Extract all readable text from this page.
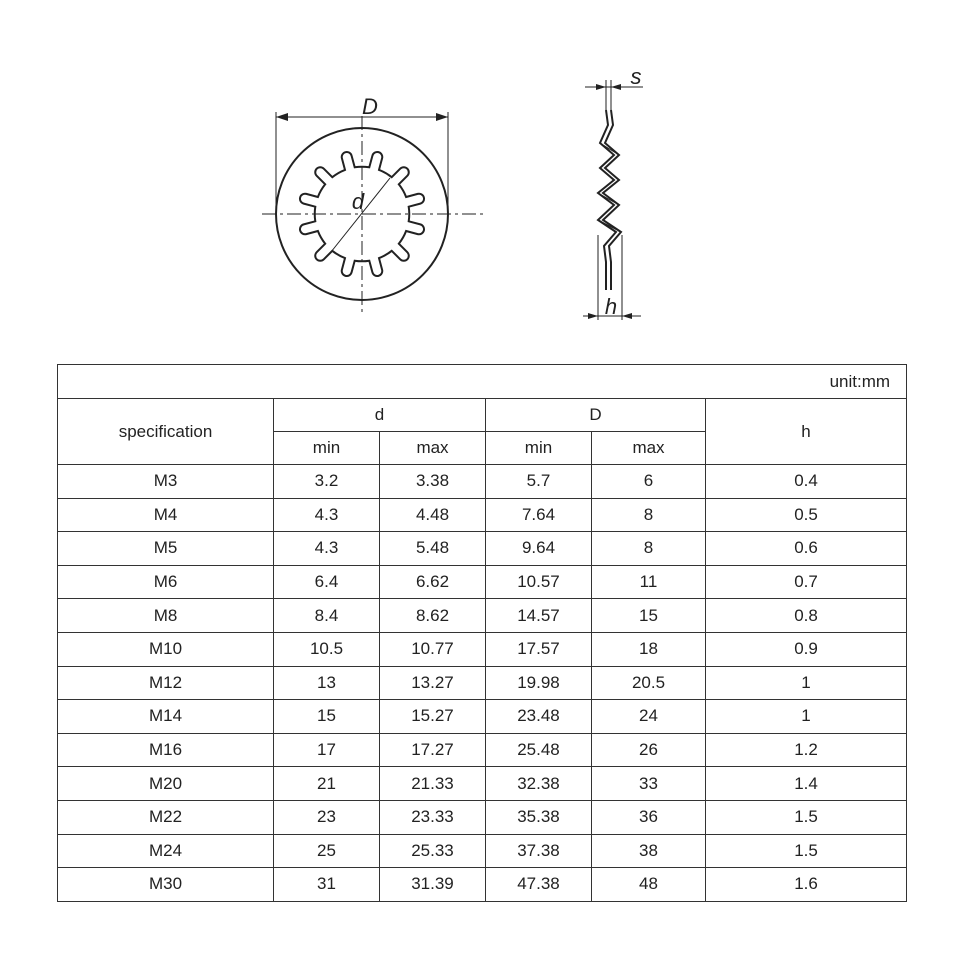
D
d
s
h
unit:mm					
specification	d		D		h
	min	max	min	max	
M3	3.2	3.38	5.7	6	0.4
M4	4.3	4.48	7.64	8	0.5
M5	4.3	5.48	9.64	8	0.6
M6	6.4	6.62	10.57	11	0.7
M8	8.4	8.62	14.57	15	0.8
M10	10.5	10.77	17.57	18	0.9
M12	13	13.27	19.98	20.5	1
M14	15	15.27	23.48	24	1
M16	17	17.27	25.48	26	1.2
M20	21	21.33	32.38	33	1.4
M22	23	23.33	35.38	36	1.5
M24	25	25.33	37.38	38	1.5
M30	31	31.39	47.38	48	1.6
